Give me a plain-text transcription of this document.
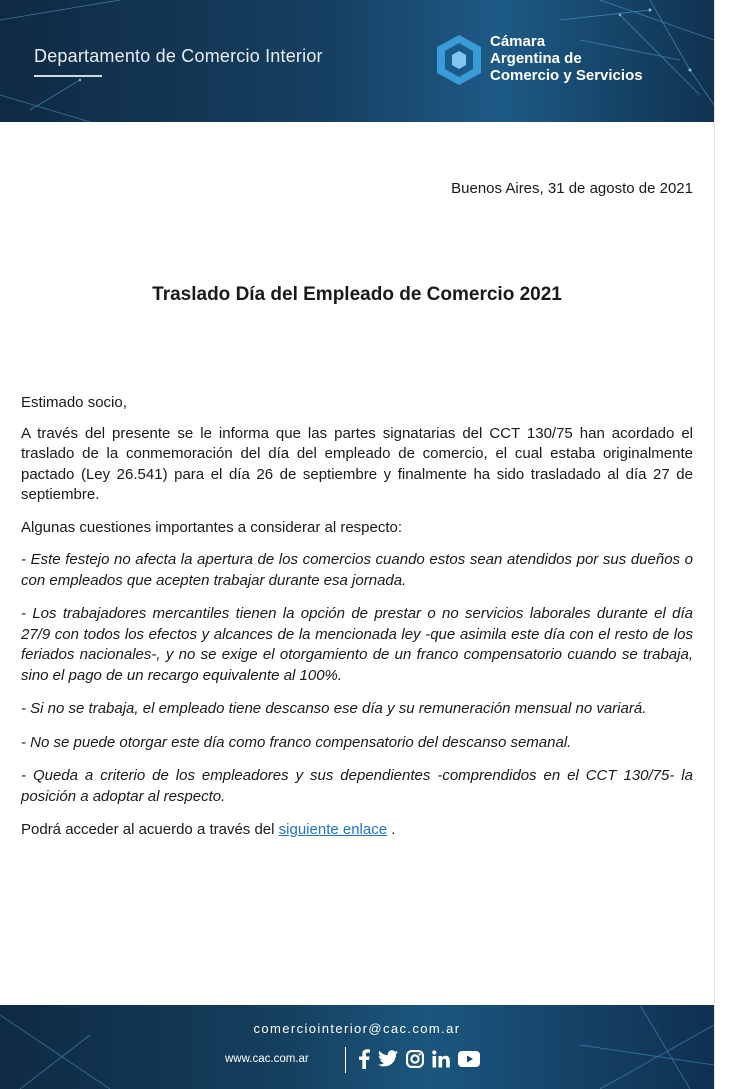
Departamento de Comercio Interior
Cámara
Argentina de
Comercio y Servicios
Buenos Aires, 31 de agosto de 2021
Traslado Día del Empleado de Comercio 2021

Estimado socio,

A través del presente se le informa que las partes signatarias del CCT 130/75 han acordado el traslado de la conmemoración del día del empleado de comercio, el cual estaba originalmente pactado (Ley 26.541) para el día 26 de septiembre y finalmente ha sido trasladado al día 27 de septiembre.

Algunas cuestiones importantes a considerar al respecto:

- Este festejo no afecta la apertura de los comercios cuando estos sean atendidos por sus dueños o con empleados que acepten trabajar durante esa jornada.

- Los trabajadores mercantiles tienen la opción de prestar o no servicios laborales durante el día 27/9 con todos los efectos y alcances de la mencionada ley -que asimila este día con el resto de los feriados nacionales-, y no se exige el otorgamiento de un franco compensatorio cuando se trabaja, sino el pago de un recargo equivalente al 100%.

- Si no se trabaja, el empleado tiene descanso ese día y su remuneración mensual no variará.

- No se puede otorgar este día como franco compensatorio del descanso semanal.

- Queda a criterio de los empleadores y sus dependientes -comprendidos en el CCT 130/75- la posición a adoptar al respecto.

Podrá acceder al acuerdo a través del siguiente enlace .

comerciointerior@cac.com.ar
www.cac.com.ar
